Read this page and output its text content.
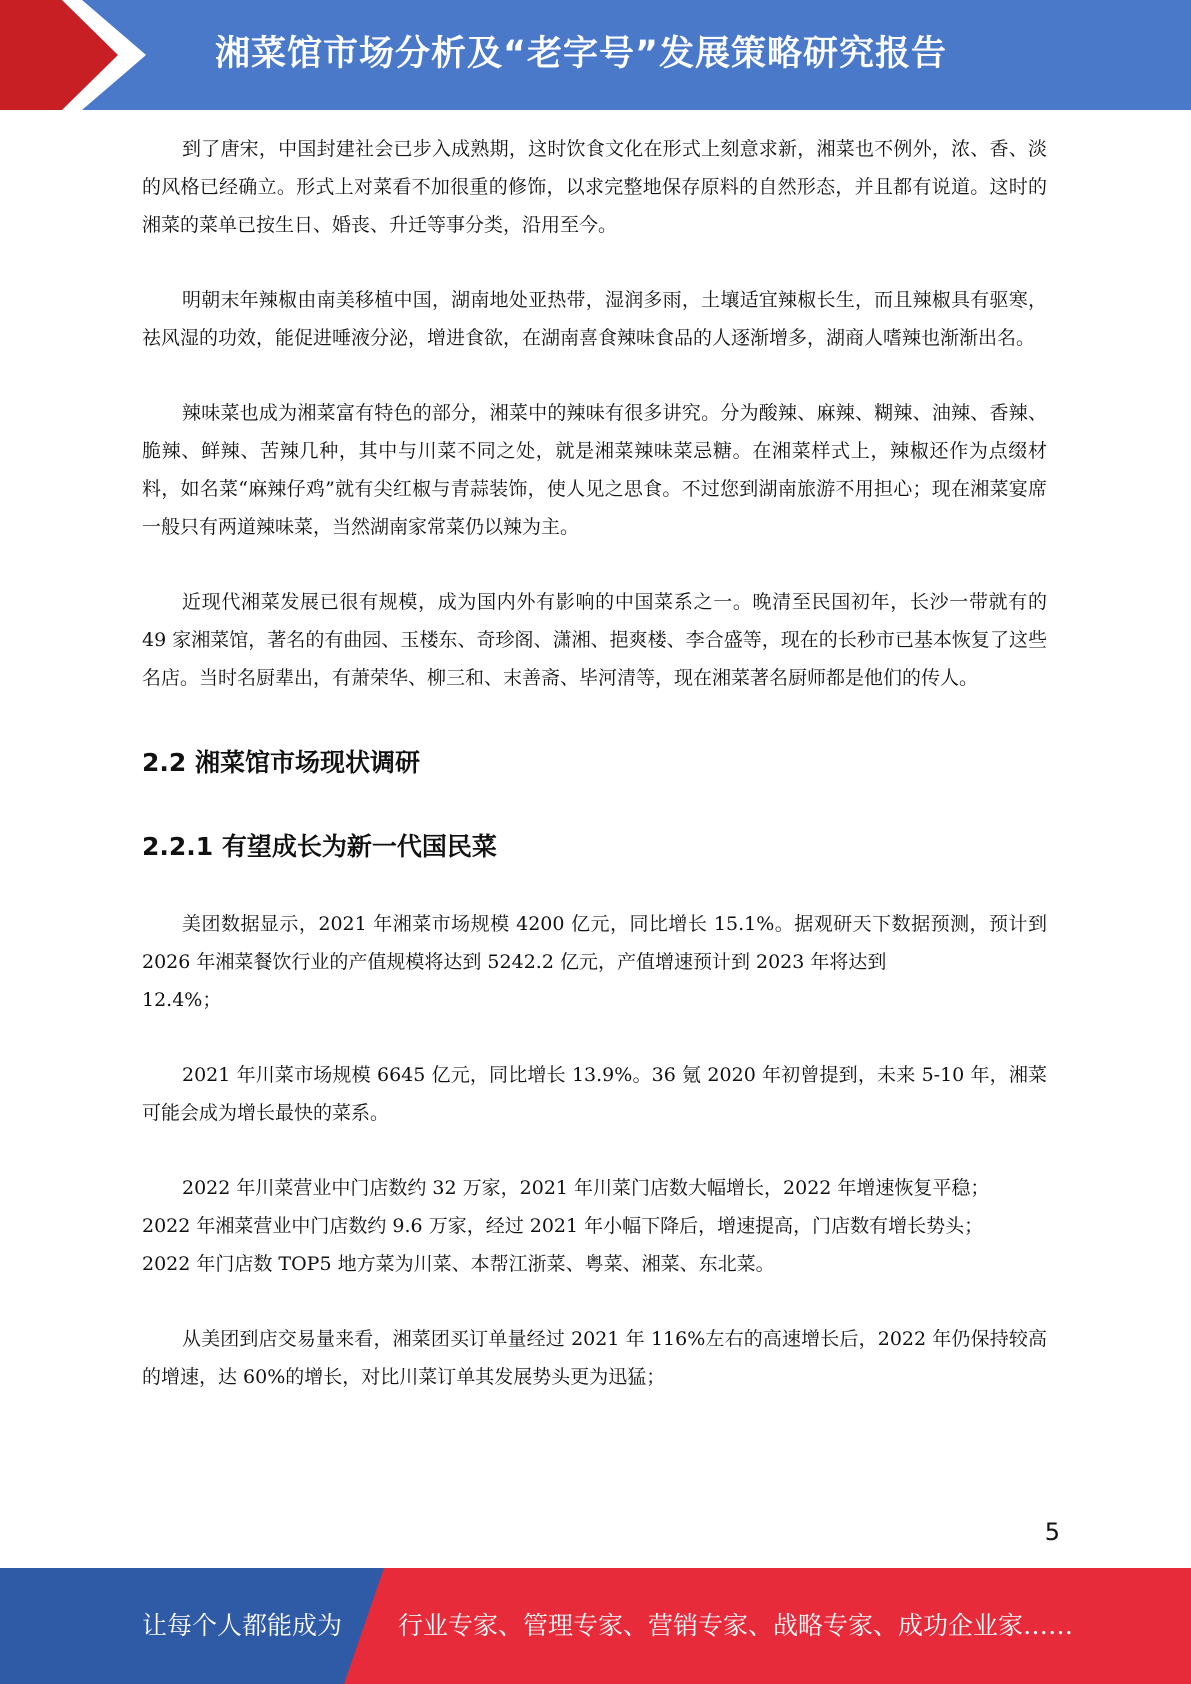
湘菜馆市场分析及“老字号”发展策略研究报告

到了唐宋，中国封建社会已步入成熟期，这时饮食文化在形式上刻意求新，湘菜也不例外，浓、香、淡的风格已经确立。形式上对菜看不加很重的修饰，以求完整地保存原料的自然形态，并且都有说道。这时的湘菜的菜单已按生日、婚丧、升迁等事分类，沿用至今。

明朝末年辣椒由南美移植中国，湖南地处亚热带，湿润多雨，土壤适宜辣椒长生，而且辣椒具有驱寒，祛风湿的功效，能促进唾液分泌，增进食欲，在湖南喜食辣味食品的人逐渐增多，湖商人嗜辣也渐渐出名。

辣味菜也成为湘菜富有特色的部分，湘菜中的辣味有很多讲究。分为酸辣、麻辣、糊辣、油辣、香辣、脆辣、鲜辣、苦辣几种，其中与川菜不同之处，就是湘菜辣味菜忌糖。在湘菜样式上，辣椒还作为点缀材料，如名菜“麻辣仔鸡”就有尖红椒与青蒜装饰，使人见之思食。不过您到湖南旅游不用担心；现在湘菜宴席一般只有两道辣味菜，当然湖南家常菜仍以辣为主。

近现代湘菜发展已很有规模，成为国内外有影响的中国菜系之一。晚清至民国初年，长沙一带就有的 49 家湘菜馆，著名的有曲园、玉楼东、奇珍阁、潇湘、挹爽楼、李合盛等，现在的长秒市已基本恢复了这些名店。当时名厨辈出，有萧荣华、柳三和、末善斋、毕河清等，现在湘菜著名厨师都是他们的传人。

2.2 湘菜馆市场现状调研
2.2.1 有望成长为新一代国民菜

美团数据显示，2021 年湘菜市场规模 4200 亿元，同比增长 15.1%。据观研天下数据预测，预计到 2026 年湘菜餐饮行业的产值规模将达到 5242.2 亿元，产值增速预计到 2023 年将达到
12.4%；

2021 年川菜市场规模 6645 亿元，同比增长 13.9%。36 氪 2020 年初曾提到，未来 5-10 年，湘菜可能会成为增长最快的菜系。

2022 年川菜营业中门店数约 32 万家，2021 年川菜门店数大幅增长，2022 年增速恢复平稳；
2022 年湘菜营业中门店数约 9.6 万家，经过 2021 年小幅下降后，增速提高，门店数有增长势头；
2022 年门店数 TOP5 地方菜为川菜、本帮江浙菜、粤菜、湘菜、东北菜。

从美团到店交易量来看，湘菜团买订单量经过 2021 年 116%左右的高速增长后，2022 年仍保持较高的增速，达 60%的增长，对比川菜订单其发展势头更为迅猛；

5
让每个人都能成为 行业专家、管理专家、营销专家、战略专家、成功企业家……
